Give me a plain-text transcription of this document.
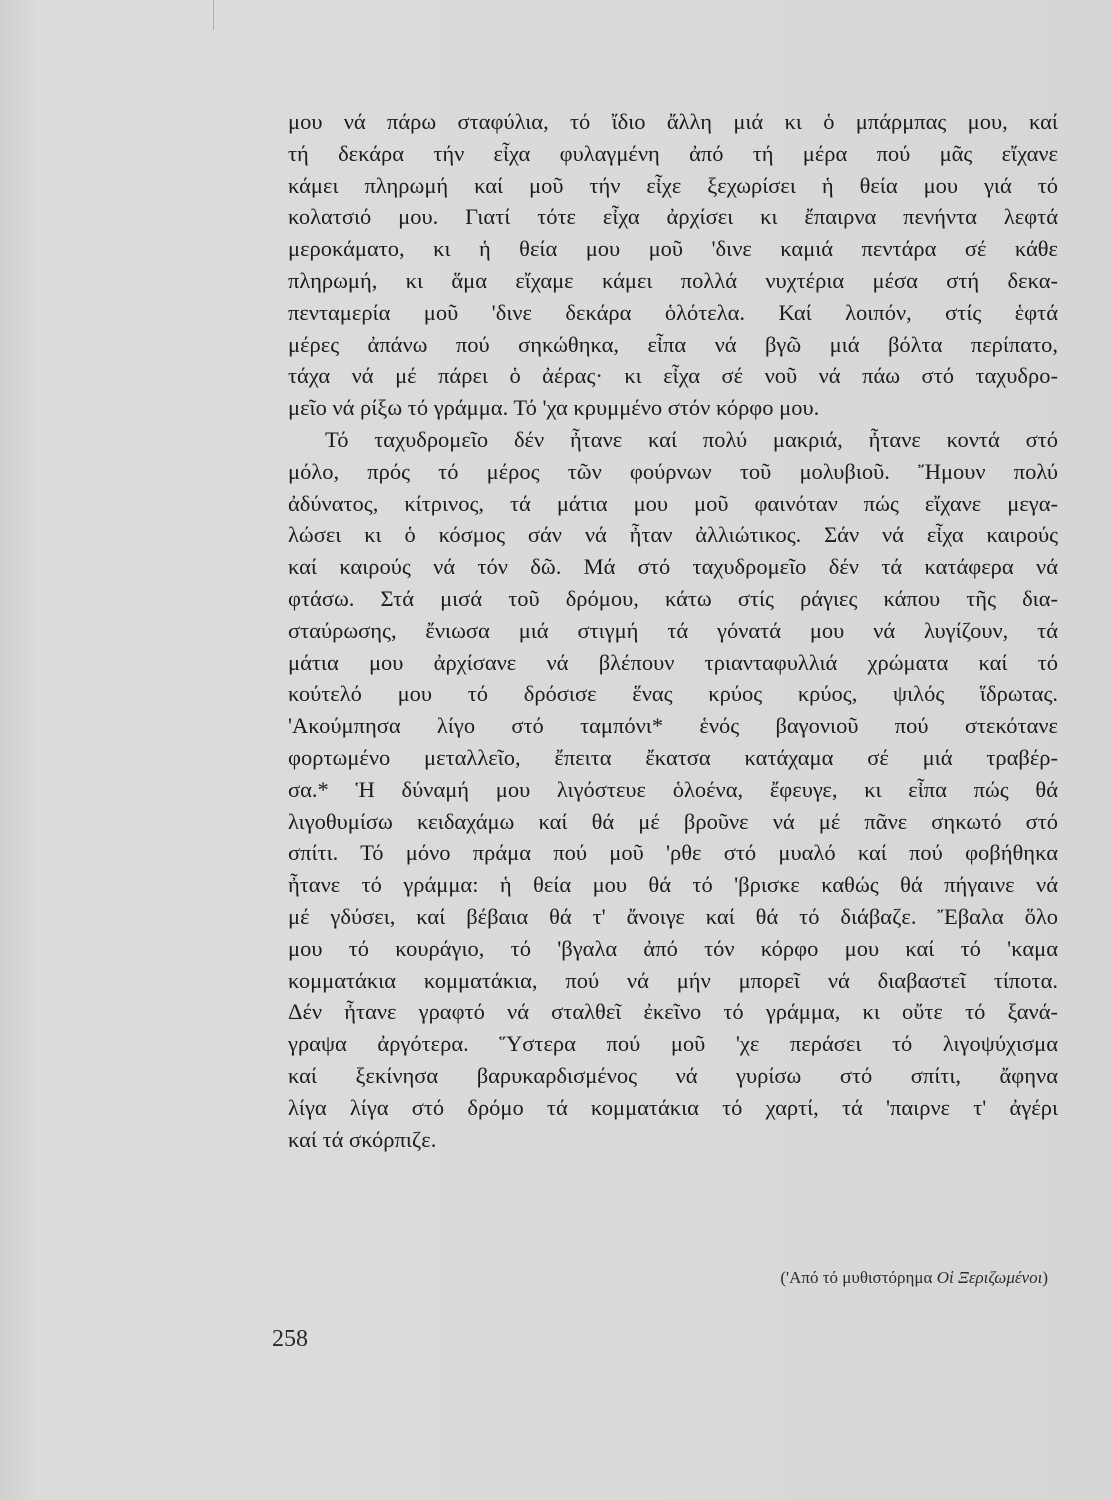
μου νά πάρω σταφύλια, τό ἴδιο ἄλλη μιά κι ὁ μπάρμπας μου, καί
τή δεκάρα τήν εἶχα φυλαγμένη ἀπό τή μέρα πού μᾶς εἴχανε
κάμει πληρωμή καί μοῦ τήν εἶχε ξεχωρίσει ἡ θεία μου γιά τό
κολατσιό μου. Γιατί τότε εἶχα ἀρχίσει κι ἔπαιρνα πενήντα λεφτά
μεροκάματο, κι ἡ θεία μου μοῦ 'δινε καμιά πεντάρα σέ κάθε
πληρωμή, κι ἅμα εἴχαμε κάμει πολλά νυχτέρια μέσα στή δεκα-
πενταμερία μοῦ 'δινε δεκάρα ὁλότελα. Καί λοιπόν, στίς ἑφτά
μέρες ἀπάνω πού σηκώθηκα, εἶπα νά βγῶ μιά βόλτα περίπατο,
τάχα νά μέ πάρει ὁ ἀέρας· κι εἶχα σέ νοῦ νά πάω στό ταχυδρο-
μεῖο νά ρίξω τό γράμμα. Τό 'χα κρυμμένο στόν κόρφο μου.
Τό ταχυδρομεῖο δέν ἦτανε καί πολύ μακριά, ἦτανε κοντά στό
μόλο, πρός τό μέρος τῶν φούρνων τοῦ μολυβιοῦ. Ἤμουν πολύ
ἀδύνατος, κίτρινος, τά μάτια μου μοῦ φαινόταν πώς εἴχανε μεγα-
λώσει κι ὁ κόσμος σάν νά ἦταν ἀλλιώτικος. Σάν νά εἶχα καιρούς
καί καιρούς νά τόν δῶ. Μά στό ταχυδρομεῖο δέν τά κατάφερα νά
φτάσω. Στά μισά τοῦ δρόμου, κάτω στίς ράγιες κάπου τῆς δια-
σταύρωσης, ἔνιωσα μιά στιγμή τά γόνατά μου νά λυγίζουν, τά
μάτια μου ἀρχίσανε νά βλέπουν τριανταφυλλιά χρώματα καί τό
κούτελό μου τό δρόσισε ἕνας κρύος κρύος, ψιλός ἵδρωτας.
'Ακούμπησα λίγο στό ταμπόνι* ἑνός βαγονιοῦ πού στεκότανε
φορτωμένο μεταλλεῖο, ἔπειτα ἔκατσα κατάχαμα σέ μιά τραβέρ-
σα.* Ἡ δύναμή μου λιγόστευε ὁλοένα, ἔφευγε, κι εἶπα πώς θά
λιγοθυμίσω κειδαχάμω καί θά μέ βροῦνε νά μέ πᾶνε σηκωτό στό
σπίτι. Τό μόνο πράμα πού μοῦ 'ρθε στό μυαλό καί πού φοβήθηκα
ἦτανε τό γράμμα: ἡ θεία μου θά τό 'βρισκε καθώς θά πήγαινε νά
μέ γδύσει, καί βέβαια θά τ' ἄνοιγε καί θά τό διάβαζε. Ἔβαλα ὅλο
μου τό κουράγιο, τό 'βγαλα ἀπό τόν κόρφο μου καί τό 'καμα
κομματάκια κομματάκια, πού νά μήν μπορεῖ νά διαβαστεῖ τίποτα.
Δέν ἦτανε γραφτό νά σταλθεῖ ἐκεῖνο τό γράμμα, κι οὔτε τό ξανά-
γραψα ἀργότερα. Ὕστερα πού μοῦ 'χε περάσει τό λιγοψύχισμα
καί ξεκίνησα βαρυκαρδισμένος νά γυρίσω στό σπίτι, ἄφηνα
λίγα λίγα στό δρόμο τά κομματάκια τό χαρτί, τά 'παιρνε τ' ἀγέρι
καί τά σκόρπιζε.
('Από τό μυθιστόρημα Οἱ Ξεριζωμένοι)
258
